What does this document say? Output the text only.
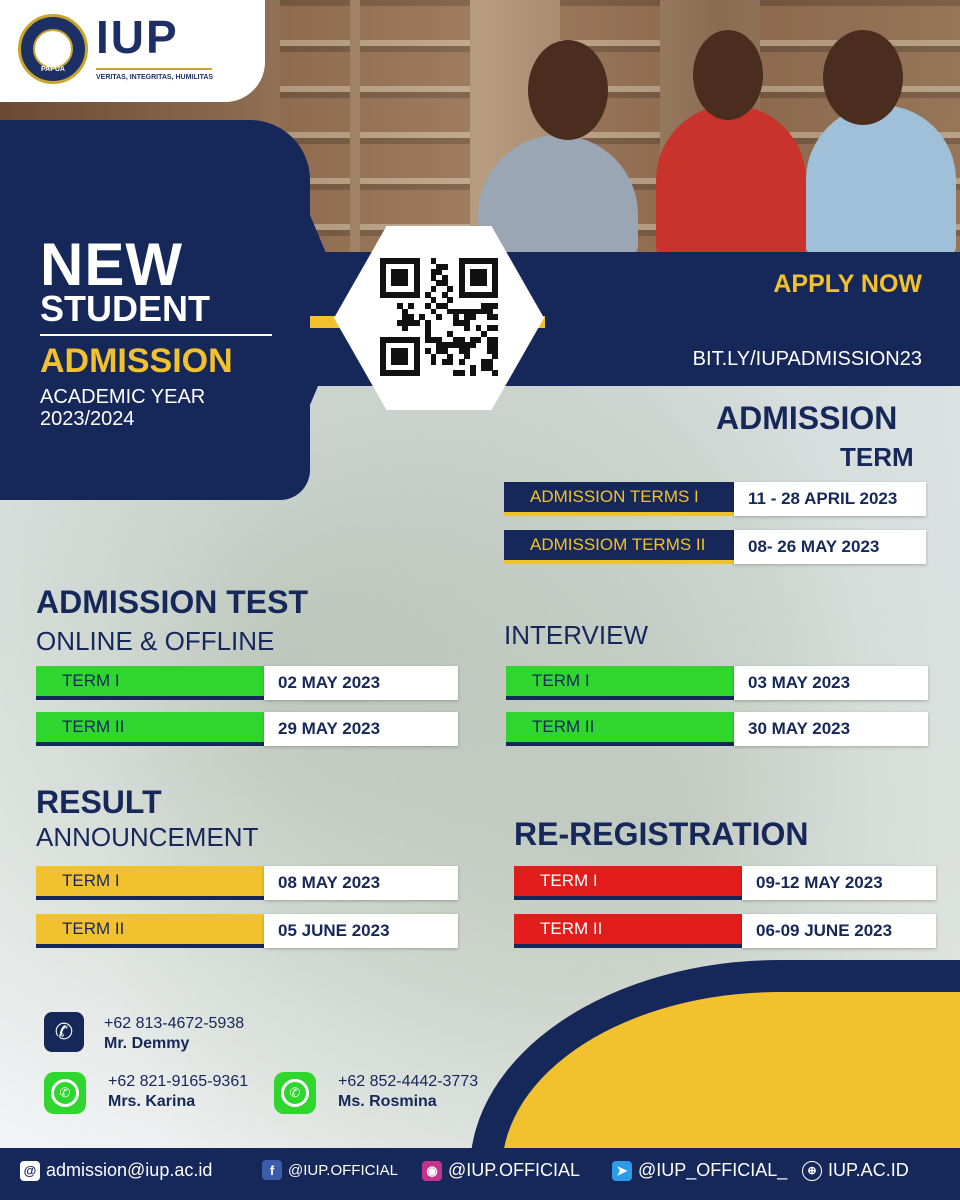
PAPUA
IUP
VERITAS, INTEGRITAS, HUMILITAS
NEW
STUDENT
ADMISSION
ACADEMIC YEAR
2023/2024
APPLY NOW
BIT.LY/IUPADMISSION23
ADMISSION
TERM
ADMISSION TERMS I	11 - 28 APRIL 2023
ADMISSIOM TERMS II	08- 26 MAY 2023
ADMISSION TEST
ONLINE & OFFLINE
TERM I	02 MAY 2023
TERM II	29 MAY 2023
INTERVIEW
TERM I	03 MAY 2023
TERM II	30 MAY 2023
RESULT
ANNOUNCEMENT
TERM I	08 MAY 2023
TERM II	05 JUNE 2023
RE-REGISTRATION
TERM I	09-12 MAY 2023
TERM II	06-09 JUNE 2023
✆	+62 813-4672-5938
Mr. Demmy
✆
+62 821-9165-9361
Mrs. Karina
✆
+62 852-4442-3773
Ms. Rosmina
@ admission@iup.ac.id	f @IUP.OFFICIAL	◉ @IUP.OFFICIAL	➤ @IUP_OFFICIAL_	⊕ IUP.AC.ID
